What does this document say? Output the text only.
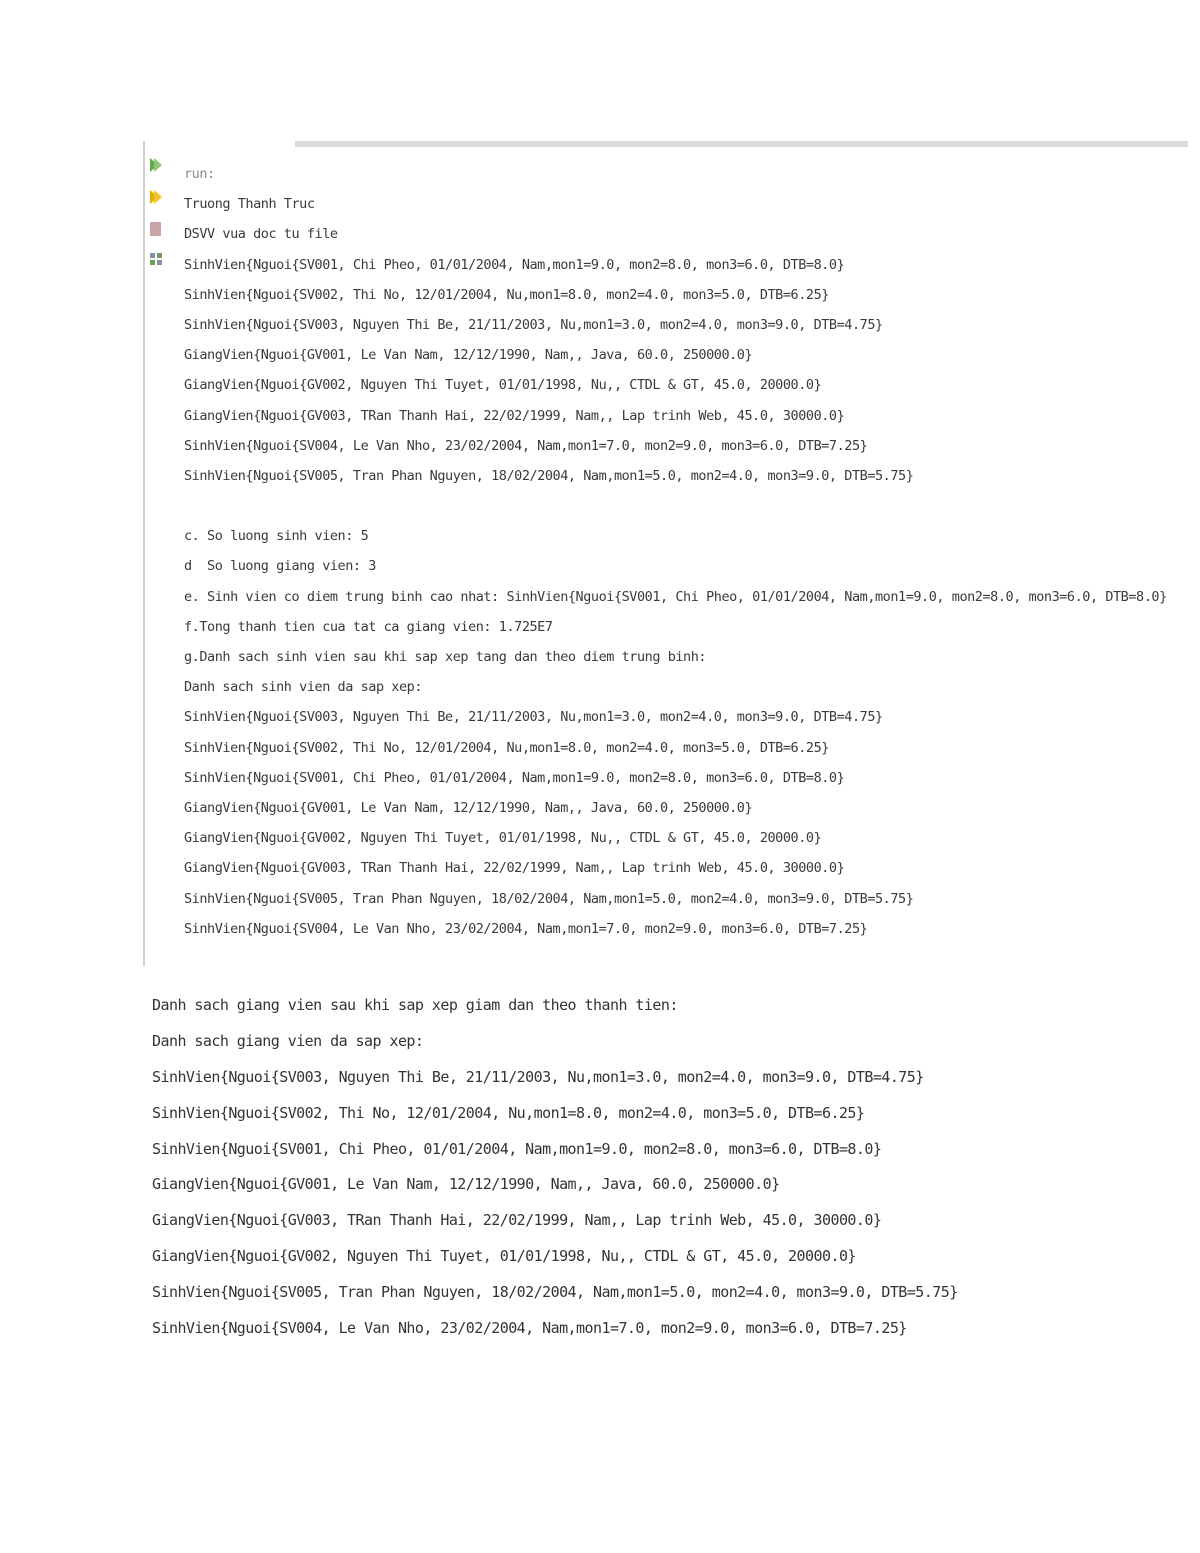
run:
Truong Thanh Truc
DSVV vua doc tu file
SinhVien{Nguoi{SV001, Chi Pheo, 01/01/2004, Nam,mon1=9.0, mon2=8.0, mon3=6.0, DTB=8.0}
SinhVien{Nguoi{SV002, Thi No, 12/01/2004, Nu,mon1=8.0, mon2=4.0, mon3=5.0, DTB=6.25}
SinhVien{Nguoi{SV003, Nguyen Thi Be, 21/11/2003, Nu,mon1=3.0, mon2=4.0, mon3=9.0, DTB=4.75}
GiangVien{Nguoi{GV001, Le Van Nam, 12/12/1990, Nam,, Java, 60.0, 250000.0}
GiangVien{Nguoi{GV002, Nguyen Thi Tuyet, 01/01/1998, Nu,, CTDL & GT, 45.0, 20000.0}
GiangVien{Nguoi{GV003, TRan Thanh Hai, 22/02/1999, Nam,, Lap trinh Web, 45.0, 30000.0}
SinhVien{Nguoi{SV004, Le Van Nho, 23/02/2004, Nam,mon1=7.0, mon2=9.0, mon3=6.0, DTB=7.25}
SinhVien{Nguoi{SV005, Tran Phan Nguyen, 18/02/2004, Nam,mon1=5.0, mon2=4.0, mon3=9.0, DTB=5.75}
c. So luong sinh vien: 5
d  So luong giang vien: 3
e. Sinh vien co diem trung binh cao nhat: SinhVien{Nguoi{SV001, Chi Pheo, 01/01/2004, Nam,mon1=9.0, mon2=8.0, mon3=6.0, DTB=8.0}
f.Tong thanh tien cua tat ca giang vien: 1.725E7
g.Danh sach sinh vien sau khi sap xep tang dan theo diem trung binh:
Danh sach sinh vien da sap xep:
SinhVien{Nguoi{SV003, Nguyen Thi Be, 21/11/2003, Nu,mon1=3.0, mon2=4.0, mon3=9.0, DTB=4.75}
SinhVien{Nguoi{SV002, Thi No, 12/01/2004, Nu,mon1=8.0, mon2=4.0, mon3=5.0, DTB=6.25}
SinhVien{Nguoi{SV001, Chi Pheo, 01/01/2004, Nam,mon1=9.0, mon2=8.0, mon3=6.0, DTB=8.0}
GiangVien{Nguoi{GV001, Le Van Nam, 12/12/1990, Nam,, Java, 60.0, 250000.0}
GiangVien{Nguoi{GV002, Nguyen Thi Tuyet, 01/01/1998, Nu,, CTDL & GT, 45.0, 20000.0}
GiangVien{Nguoi{GV003, TRan Thanh Hai, 22/02/1999, Nam,, Lap trinh Web, 45.0, 30000.0}
SinhVien{Nguoi{SV005, Tran Phan Nguyen, 18/02/2004, Nam,mon1=5.0, mon2=4.0, mon3=9.0, DTB=5.75}
SinhVien{Nguoi{SV004, Le Van Nho, 23/02/2004, Nam,mon1=7.0, mon2=9.0, mon3=6.0, DTB=7.25}
Danh sach giang vien sau khi sap xep giam dan theo thanh tien:
Danh sach giang vien da sap xep:
SinhVien{Nguoi{SV003, Nguyen Thi Be, 21/11/2003, Nu,mon1=3.0, mon2=4.0, mon3=9.0, DTB=4.75}
SinhVien{Nguoi{SV002, Thi No, 12/01/2004, Nu,mon1=8.0, mon2=4.0, mon3=5.0, DTB=6.25}
SinhVien{Nguoi{SV001, Chi Pheo, 01/01/2004, Nam,mon1=9.0, mon2=8.0, mon3=6.0, DTB=8.0}
GiangVien{Nguoi{GV001, Le Van Nam, 12/12/1990, Nam,, Java, 60.0, 250000.0}
GiangVien{Nguoi{GV003, TRan Thanh Hai, 22/02/1999, Nam,, Lap trinh Web, 45.0, 30000.0}
GiangVien{Nguoi{GV002, Nguyen Thi Tuyet, 01/01/1998, Nu,, CTDL & GT, 45.0, 20000.0}
SinhVien{Nguoi{SV005, Tran Phan Nguyen, 18/02/2004, Nam,mon1=5.0, mon2=4.0, mon3=9.0, DTB=5.75}
SinhVien{Nguoi{SV004, Le Van Nho, 23/02/2004, Nam,mon1=7.0, mon2=9.0, mon3=6.0, DTB=7.25}
